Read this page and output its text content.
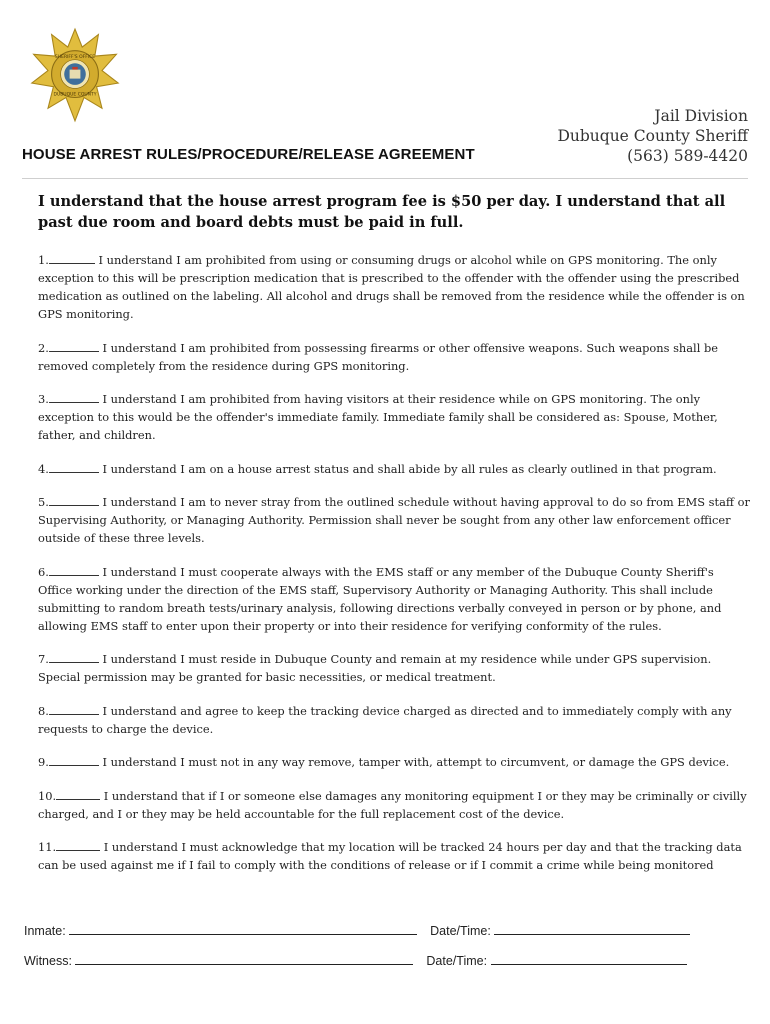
SHERIFF'S OFFICE
DUBUQUE COUNTY
Jail Division
Dubuque County Sheriff
(563) 589-4420
HOUSE ARREST RULES/PROCEDURE/RELEASE AGREEMENT
I understand that the house arrest program fee is $50 per day. I understand that all past due room and board debts must be paid in full.
1.	I understand I am prohibited from using or consuming drugs or alcohol while on GPS monitoring. The only exception to this will be prescription medication that is prescribed to the offender with the offender using the prescribed medication as outlined on the labeling. All alcohol and drugs shall be removed from the residence while the offender is on GPS monitoring.
2.	I understand I am prohibited from possessing firearms or other offensive weapons. Such weapons shall be removed completely from the residence during GPS monitoring.
3.	I understand I am prohibited from having visitors at their residence while on GPS monitoring. The only exception to this would be the offender's immediate family. Immediate family shall be considered as: Spouse, Mother, father, and children.
4.	I understand I am on a house arrest status and shall abide by all rules as clearly outlined in that program.
5.	I understand I am to never stray from the outlined schedule without having approval to do so from EMS staff or Supervising Authority, or Managing Authority. Permission shall never be sought from any other law enforcement officer outside of these three levels.
6.	I understand I must cooperate always with the EMS staff or any member of the Dubuque County Sheriff's Office working under the direction of the EMS staff, Supervisory Authority or Managing Authority. This shall include submitting to random breath tests/urinary analysis, following directions verbally conveyed in person or by phone, and allowing EMS staff to enter upon their property or into their residence for verifying conformity of the rules.
7.	I understand I must reside in Dubuque County and remain at my residence while under GPS supervision. Special permission may be granted for basic necessities, or medical treatment.
8.	I understand and agree to keep the tracking device charged as directed and to immediately comply with any requests to charge the device.
9.	I understand I must not in any way remove, tamper with, attempt to circumvent, or damage the GPS device.
10.	I understand that if I or someone else damages any monitoring equipment I or they may be criminally or civilly charged, and I or they may be held accountable for the full replacement cost of the device.
11.	I understand I must acknowledge that my location will be tracked 24 hours per day and that the tracking data can be used against me if I fail to comply with the conditions of release or if I commit a crime while being monitored
Inmate:	Date/Time:
Witness:	Date/Time:
